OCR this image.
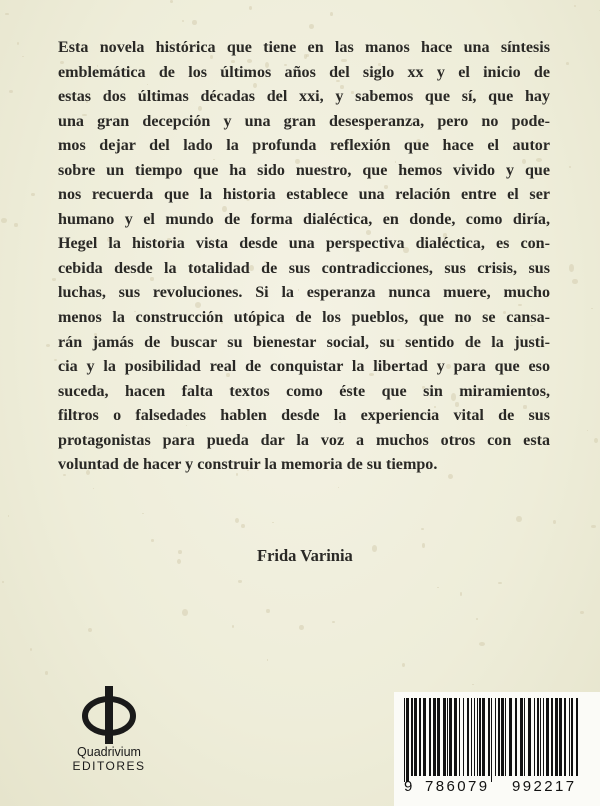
Esta novela histórica que tiene en las manos hace una síntesis
emblemática de los últimos años del siglo xx y el inicio de
estas dos últimas décadas del xxi, y sabemos que sí, que hay
una gran decepción y una gran desesperanza, pero no pode-
mos dejar del lado la profunda reflexión que hace el autor
sobre un tiempo que ha sido nuestro, que hemos vivido y que
nos recuerda que la historia establece una relación entre el ser
humano y el mundo de forma dialéctica, en donde, como diría,
Hegel la historia vista desde una perspectiva dialéctica, es con-
cebida desde la totalidad de sus contradicciones, sus crisis, sus
luchas, sus revoluciones. Si la esperanza nunca muere, mucho
menos la construcción utópica de los pueblos, que no se cansa-
rán jamás de buscar su bienestar social, su sentido de la justi-
cia y la posibilidad real de conquistar la libertad y para que eso
suceda, hacen falta textos como éste que sin miramientos,
filtros o falsedades hablen desde la experiencia vital de sus
protagonistas para pueda dar la voz a muchos otros con esta
voluntad de hacer y construir la memoria de su tiempo.
Frida Varinia
Quadrivium
EDITORES
9 786079 992217
